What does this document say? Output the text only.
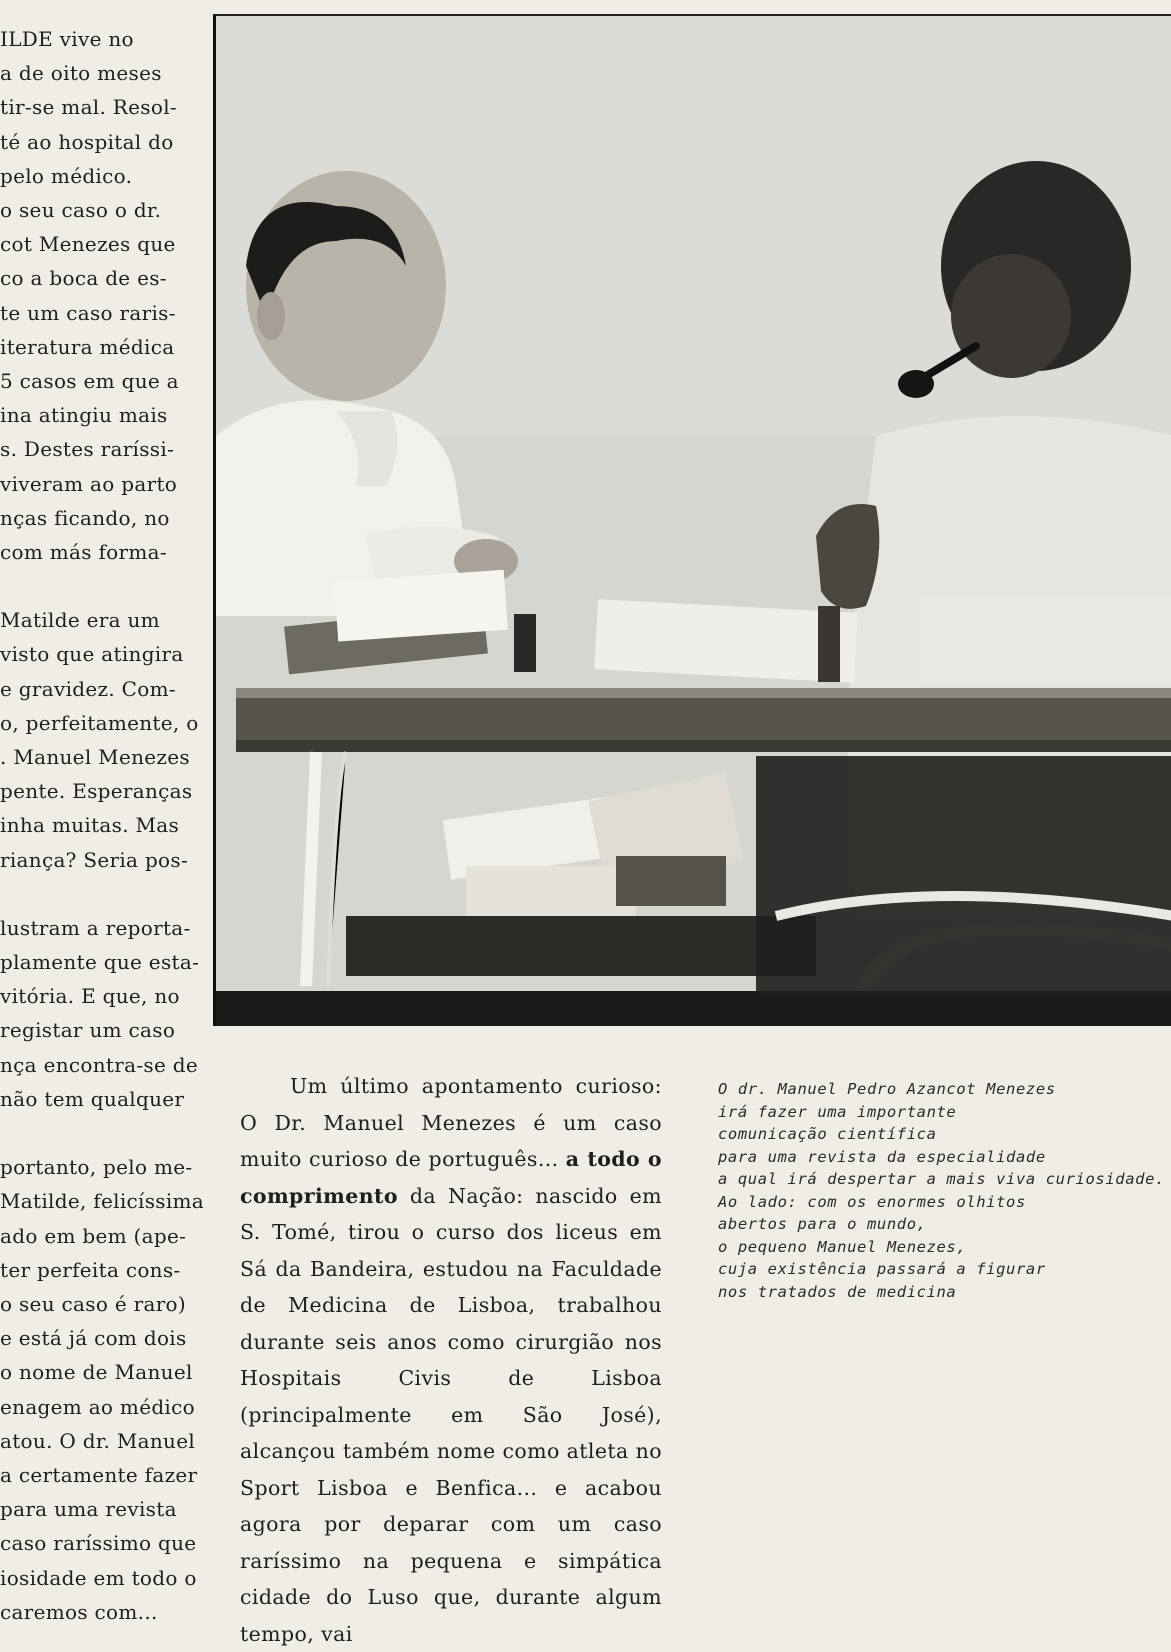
ILDE vive no
a de oito meses
tir-se mal. Resol-
té ao hospital do
pelo médico.
o seu caso o dr.
cot Menezes que
co a boca de es-
te um caso raris-
iteratura médica
5 casos em que a
ina atingiu mais
s. Destes raríssi-
viveram ao parto
nças ficando, no
com más forma-
Matilde era um
visto que atingira
e gravidez. Com-
o, perfeitamente, o
. Manuel Menezes
pente. Esperanças
inha muitas. Mas
riança? Seria pos-
lustram a reporta-
plamente que esta-
vitória. E que, no
registar um caso
nça encontra-se de
não tem qualquer
portanto, pelo me-
Matilde, felicíssima
ado em bem (ape-
ter perfeita cons-
o seu caso é raro)
e está já com dois
o nome de Manuel
enagem ao médico
atou. O dr. Manuel
a certamente fazer
para uma revista
caso raríssimo que
iosidade em todo o
caremos com...

Um último apontamento curioso: O Dr. Manuel Menezes é um caso muito curioso de português... a todo o comprimento da Nação: nascido em S. Tomé, tirou o curso dos liceus em Sá da Bandeira, estudou na Faculdade de Medicina de Lisboa, trabalhou durante seis anos como cirurgião nos Hospitais Civis de Lisboa (principalmente em São José), alcançou também nome como atleta no Sport Lisboa e Benfica... e acabou agora por deparar com um caso raríssimo na pequena e simpática cidade do Luso que, durante algum tempo, vai

O dr. Manuel Pedro Azancot Menezes
irá fazer uma importante
comunicação científica
para uma revista da especialidade
a qual irá despertar a mais viva curiosidade.
Ao lado: com os enormes olhitos
abertos para o mundo,
o pequeno Manuel Menezes,
cuja existência passará a figurar
nos tratados de medicina
